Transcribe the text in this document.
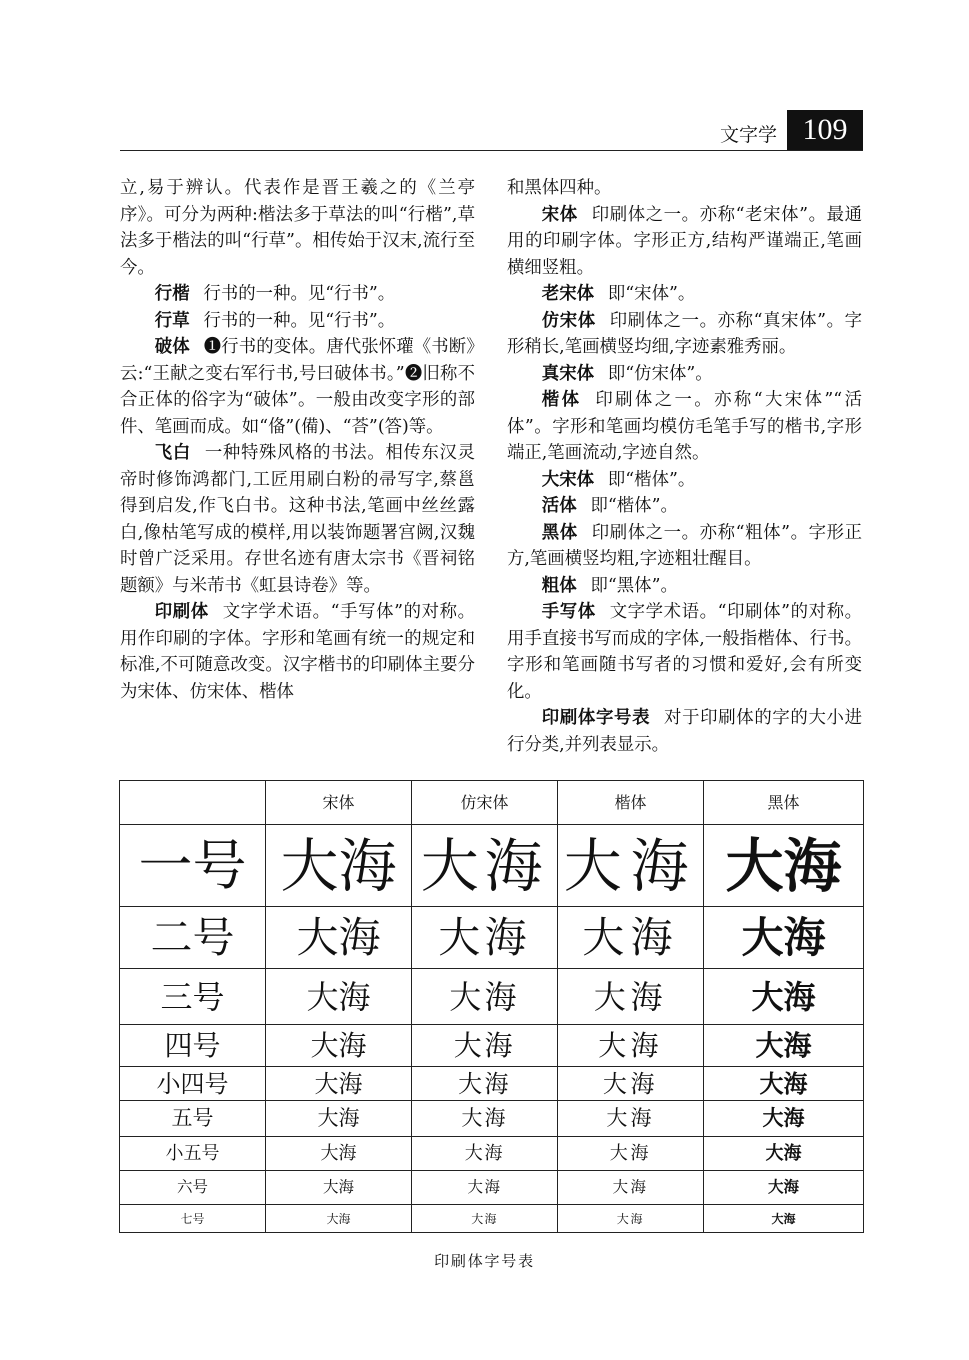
文字学 109

立,易于辨认。代表作是晋王羲之的《兰亭序》。可分为两种:楷法多于草法的叫“行楷”,草法多于楷法的叫“行草”。相传始于汉末,流行至今。

行楷 行书的一种。见“行书”。

行草 行书的一种。见“行书”。

破体 ❶行书的变体。唐代张怀瓘《书断》云:“王献之变右军行书,号曰破体书。”❷旧称不合正体的俗字为“破体”。一般由改变字形的部件、笔画而成。如“俻”(備)、“荅”(答)等。

飞白 一种特殊风格的书法。相传东汉灵帝时修饰鸿都门,工匠用刷白粉的帚写字,蔡邕得到启发,作飞白书。这种书法,笔画中丝丝露白,像枯笔写成的模样,用以装饰题署宫阙,汉魏时曾广泛采用。存世名迹有唐太宗书《晋祠铭题额》与米芾书《虹县诗卷》等。

印刷体 文字学术语。“手写体”的对称。用作印刷的字体。字形和笔画有统一的规定和标准,不可随意改变。汉字楷书的印刷体主要分为宋体、仿宋体、楷体

和黑体四种。

宋体 印刷体之一。亦称“老宋体”。最通用的印刷字体。字形正方,结构严谨端正,笔画横细竖粗。

老宋体 即“宋体”。

仿宋体 印刷体之一。亦称“真宋体”。字形稍长,笔画横竖均细,字迹素雅秀丽。

真宋体 即“仿宋体”。

楷体 印刷体之一。亦称“大宋体”“活体”。字形和笔画均模仿毛笔手写的楷书,字形端正,笔画流动,字迹自然。

大宋体 即“楷体”。

活体 即“楷体”。

黑体 印刷体之一。亦称“粗体”。字形正方,笔画横竖均粗,字迹粗壮醒目。

粗体 即“黑体”。

手写体 文字学术语。“印刷体”的对称。用手直接书写而成的字体,一般指楷体、行书。字形和笔画随书写者的习惯和爱好,会有所变化。

印刷体字号表 对于印刷体的字的大小进行分类,并列表显示。

	宋体	仿宋体	楷体	黑体
一号	大海	大海	大海	大海
二号	大海	大海	大海	大海
三号	大海	大海	大海	大海
四号	大海	大海	大海	大海
小四号	大海	大海	大海	大海
五号	大海	大海	大海	大海
小五号	大海	大海	大海	大海
六号	大海	大海	大海	大海
七号	大海	大海	大海	大海
印刷体字号表
